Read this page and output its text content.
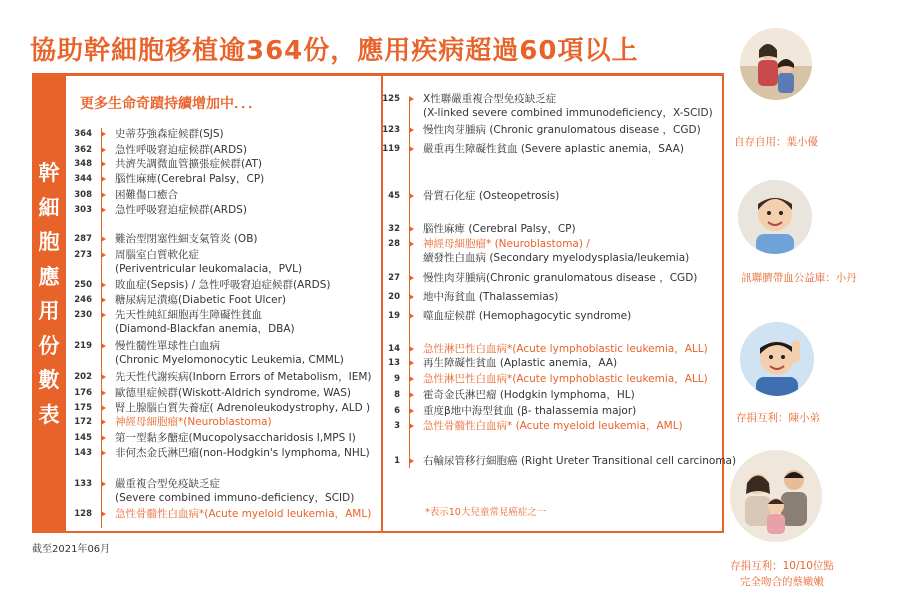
協助幹細胞移植逾364份，應用疾病超過60項以上
幹細胞應用份數表
更多生命奇蹟持續增加中．．．
364 史蒂芬強森症候群(SJS)
362 急性呼吸窘迫症候群(ARDS)
348 共濟失調微血管擴張症候群(AT)
344 腦性麻痺(Cerebral Palsy，CP)
308 困難傷口癒合
303 急性呼吸窘迫症候群(ARDS)
287 難治型閉塞性細支氣管炎 (OB)
273 周腦室白質軟化症
(Periventricular leukomalacia，PVL)
250 敗血症(Sepsis) / 急性呼吸窘迫症候群(ARDS)
246 糖尿病足潰瘍(Diabetic Foot Ulcer)
230 先天性純紅細胞再生障礙性貧血
(Diamond-Blackfan anemia，DBA)
219 慢性髓性單球性白血病
(Chronic Myelomonocytic Leukemia, CMML)
202 先天性代謝疾病(Inborn Errors of Metabolism，IEM)
176 歐德里症候群(Wiskott-Aldrich syndrome, WAS)
175 腎上腺腦白質失養症( Adrenoleukodystrophy, ALD )
172 神經母細胞瘤*(Neuroblastoma)
145 第一型黏多醣症(Mucopolysaccharidosis I,MPS I)
143 非何杰金氏淋巴瘤(non-Hodgkin's lymphoma, NHL)
133 嚴重複合型免疫缺乏症
(Severe combined immuno-deficiency，SCID)
128 急性骨髓性白血病*(Acute myeloid leukemia，AML)
125 X性聯嚴重複合型免疫缺乏症
(X-linked severe combined immunodeficiency，X-SCID)
123 慢性肉芽腫病 (Chronic granulomatous disease ，CGD)
119 嚴重再生障礙性貧血 (Severe aplastic anemia，SAA)
45 骨質石化症 (Osteopetrosis)
32 腦性麻痺 (Cerebral Palsy，CP)
28 神經母細胞瘤* (Neuroblastoma) /
續發性白血病 (Secondary myelodysplasia/leukemia)
27 慢性肉芽腫病(Chronic granulomatous disease ，CGD)
20 地中海貧血 (Thalassemias)
19 噬血症候群 (Hemophagocytic syndrome)
14 急性淋巴性白血病*(Acute lymphoblastic leukemia，ALL)
13 再生障礙性貧血 (Aplastic anemia，AA)
9 急性淋巴性白血病*(Acute lymphoblastic leukemia，ALL)
8 霍奇金氏淋巴瘤 (Hodgkin lymphoma，HL)
6 重度β地中海型貧血 (β- thalassemia major)
3 急性骨髓性白血病* (Acute myeloid leukemia，AML)
1 右輸尿管移行細胞癌 (Right Ureter Transitional cell carcinoma)
*表示10大兒童常見癌症之一
截至2021年06月
自存自用：葉小優
訊聯臍帶血公益庫：小丹
存捐互利：陳小弟
存捐互利：10/10位點
完全吻合的蔡嫩嫩
